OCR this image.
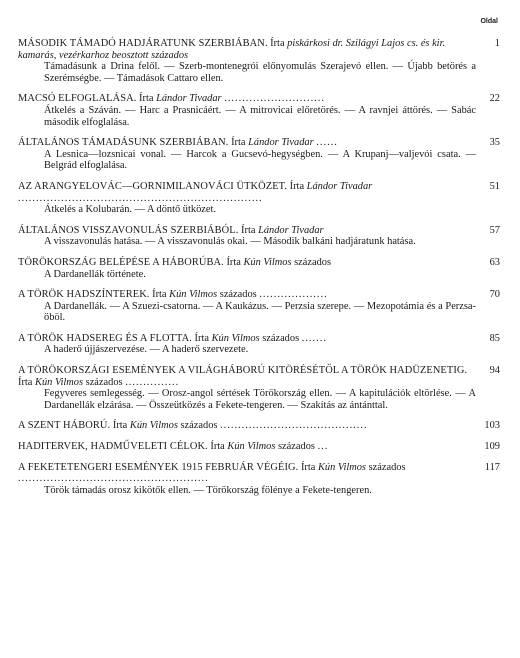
Oldal
MÁSODIK TÁMADÓ HADJÁRATUNK SZERBIÁBAN. Írta piskárkosi dr. Szilágyi Lajos cs. és kir. kamarás, vezérkarhoz beosztott százados
1
Támadásunk a Drina felől. — Szerb-montenegrói előnyomulás Szerajevó ellen. — Újabb betörés a Szerémségbe. — Támadások Cattaro ellen.
MACSÓ ELFOGLALÁSA. Írta Lándor Tivadar ............................	22
Átkelés a Száván. — Harc a Prasnicáért. — A mitrovicai előretörés. — A ravnjei áttörés. — Sabác második elfoglalása.
ÁLTALÁNOS TÁMADÁSUNK SZERBIÁBAN. Írta Lándor Tivadar ......	35
A Lesnica—lozsnicai vonal. — Harcok a Gucsevó-hegységben. — A Krupanj—valjevói csata. — Belgrád elfoglalása.
AZ ARANGYELOVÁC—GORNIMILANOVÁCI ÜTKÖZET. Írta Lándor Tivadar ....................................................................
51
Átkelés a Kolubarán. — A döntő ütközet.
ÁLTALÁNOS VISSZAVONULÁS SZERBIÁBÓL. Írta Lándor Tivadar	57
A visszavonulás hatása. — A visszavonulás okai. — Második balkáni hadjáratunk hatása.
TÖRÖKORSZÁG BELÉPÉSE A HÁBORÚBA. Írta Kún Vilmos százados	63
A Dardanellák története.
A TÖRÖK HADSZÍNTEREK. Írta Kún Vilmos százados ...................	70
A Dardanellák. — A Szuezi-csatorna. — A Kaukázus. — Perzsia szerepe. — Mezopotámia és a Perzsa-öböl.
A TÖRÖK HADSEREG ÉS A FLOTTA. Írta Kún Vilmos százados .......	85
A haderő újjászervezése. — A haderő szervezete.
A TÖRÖKORSZÁGI ESEMÉNYEK A VILÁGHÁBORÚ KITÖRÉSÉTŐL A TÖRÖK HADÜZENETIG. Írta Kún Vilmos százados ...............
94
Fegyveres semlegesség. — Orosz-angol sértések Törökország ellen. — A kapitulációk eltörlése. — A Dardanellák elzárása. — Összeütközés a Fekete-tengeren. — Szakítás az ántánttal.
A SZENT HÁBORÚ. Írta Kún Vilmos százados .........................................	103
HADITERVEK, HADMŰVELETI CÉLOK. Írta Kún Vilmos százados ...	109
A FEKETETENGERI ESEMÉNYEK 1915 FEBRUÁR VÉGÉIG. Írta Kún Vilmos százados .....................................................
117
Török támadás orosz kikötők ellen. — Törökország fölénye a Fekete-tengeren.
